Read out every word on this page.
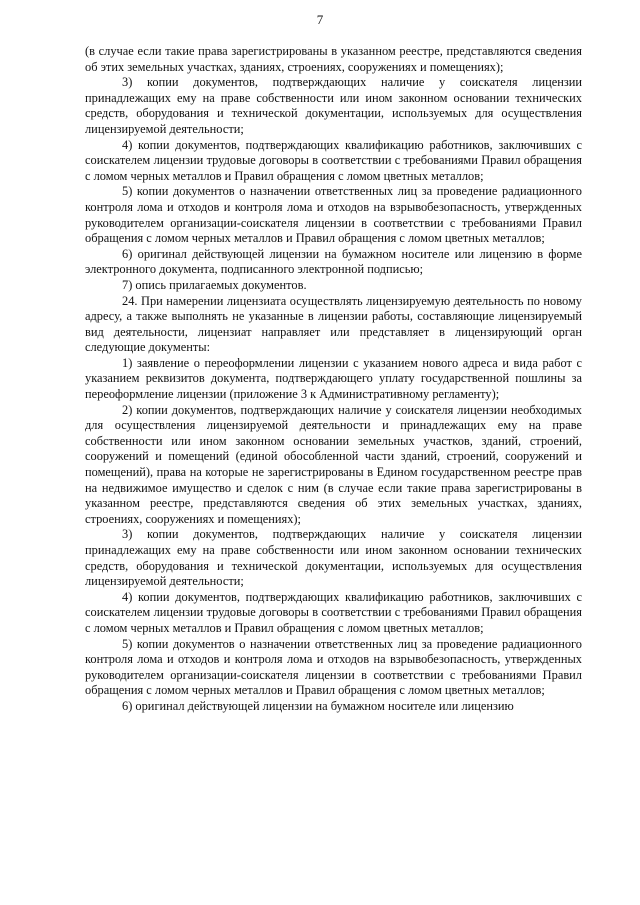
7

(в случае если такие права зарегистрированы в указанном реестре, представляются сведения об этих земельных участках, зданиях, строениях, сооружениях и помещениях);

3) копии документов, подтверждающих наличие у соискателя лицензии принадлежащих ему на праве собственности или ином законном основании технических средств, оборудования и технической документации, используемых для осуществления лицензируемой деятельности;

4) копии документов, подтверждающих квалификацию работников, заключивших с соискателем лицензии трудовые договоры в соответствии с требованиями Правил обращения с ломом черных металлов и Правил обращения с ломом цветных металлов;

5) копии документов о назначении ответственных лиц за проведение радиационного контроля лома и отходов и контроля лома и отходов на взрывобезопасность, утвержденных руководителем организации-соискателя лицензии в соответствии с требованиями Правил обращения с ломом черных металлов и Правил обращения с ломом цветных металлов;

6) оригинал действующей лицензии на бумажном носителе или лицензию в форме электронного документа, подписанного электронной подписью;

7) опись прилагаемых документов.

24. При намерении лицензиата осуществлять лицензируемую деятельность по новому адресу, а также выполнять не указанные в лицензии работы, составляющие лицензируемый вид деятельности, лицензиат направляет или представляет в лицензирующий орган следующие документы:

1) заявление о переоформлении лицензии с указанием нового адреса и вида работ с указанием реквизитов документа, подтверждающего уплату государственной пошлины за переоформление лицензии (приложение 3 к Административному регламенту);

2) копии документов, подтверждающих наличие у соискателя лицензии необходимых для осуществления лицензируемой деятельности и принадлежащих ему на праве собственности или ином законном основании земельных участков, зданий, строений, сооружений и помещений (единой обособленной части зданий, строений, сооружений и помещений), права на которые не зарегистрированы в Едином государственном реестре прав на недвижимое имущество и сделок с ним (в случае если такие права зарегистрированы в указанном реестре, представляются сведения об этих земельных участках, зданиях, строениях, сооружениях и помещениях);

3) копии документов, подтверждающих наличие у соискателя лицензии принадлежащих ему на праве собственности или ином законном основании технических средств, оборудования и технической документации, используемых для осуществления лицензируемой деятельности;

4) копии документов, подтверждающих квалификацию работников, заключивших с соискателем лицензии трудовые договоры в соответствии с требованиями Правил обращения с ломом черных металлов и Правил обращения с ломом цветных металлов;

5) копии документов о назначении ответственных лиц за проведение радиационного контроля лома и отходов и контроля лома и отходов на взрывобезопасность, утвержденных руководителем организации-соискателя лицензии в соответствии с требованиями Правил обращения с ломом черных металлов и Правил обращения с ломом цветных металлов;

6) оригинал действующей лицензии на бумажном носителе или лицензию
